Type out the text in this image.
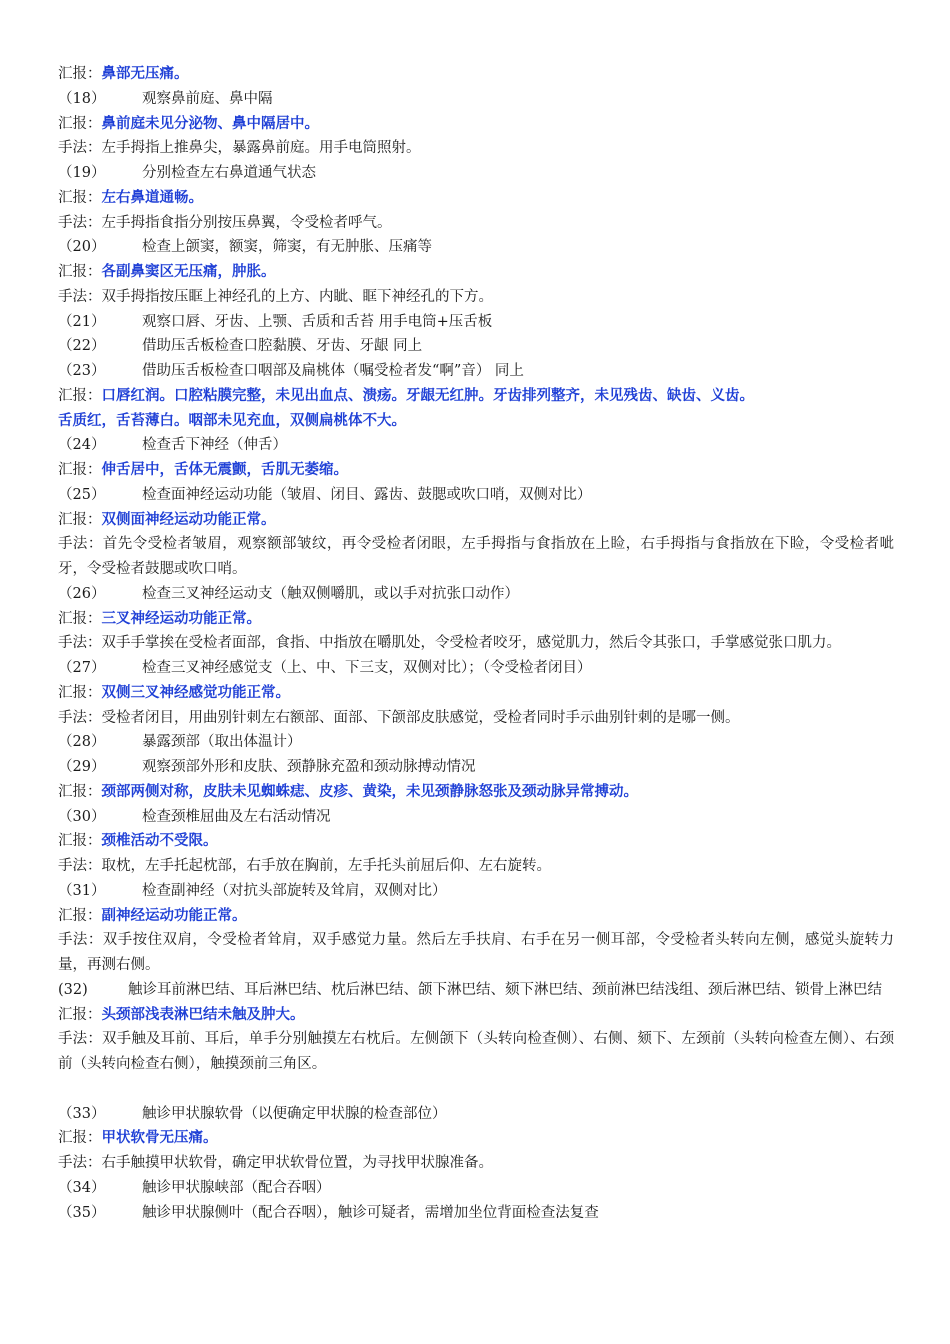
汇报：鼻部无压痛。
（18）	观察鼻前庭、鼻中隔
汇报：鼻前庭未见分泌物、鼻中隔居中。
手法：左手拇指上推鼻尖，暴露鼻前庭。用手电筒照射。
（19）	分别检查左右鼻道通气状态
汇报：左右鼻道通畅。
手法：左手拇指食指分别按压鼻翼，令受检者呼气。
（20）	检查上颌窦，额窦，筛窦，有无肿胀、压痛等
汇报：各副鼻窦区无压痛，肿胀。
手法：双手拇指按压眶上神经孔的上方、内眦、眶下神经孔的下方。
（21）	观察口唇、牙齿、上颚、舌质和舌苔 用手电筒+压舌板
（22）	借助压舌板检查口腔黏膜、牙齿、牙龈 同上
（23）	借助压舌板检查口咽部及扁桃体（嘱受检者发“啊”音） 同上
汇报：口唇红润。口腔粘膜完整，未见出血点、溃疡。牙龈无红肿。牙齿排列整齐，未见残齿、缺齿、义齿。
舌质红，舌苔薄白。咽部未见充血，双侧扁桃体不大。
（24）	检查舌下神经（伸舌）
汇报：伸舌居中，舌体无震颤，舌肌无萎缩。
（25）	检查面神经运动功能（皱眉、闭目、露齿、鼓腮或吹口哨，双侧对比）
汇报：双侧面神经运动功能正常。
手法：首先令受检者皱眉，观察额部皱纹，再令受检者闭眼，左手拇指与食指放在上睑，右手拇指与食指放在下睑，令受检者呲牙，令受检者鼓腮或吹口哨。
（26）	检查三叉神经运动支（触双侧嚼肌，或以手对抗张口动作）
汇报：三叉神经运动功能正常。
手法：双手手掌挨在受检者面部，食指、中指放在嚼肌处，令受检者咬牙，感觉肌力，然后令其张口，手掌感觉张口肌力。
（27）	检查三叉神经感觉支（上、中、下三支，双侧对比）；（令受检者闭目）
汇报：双侧三叉神经感觉功能正常。
手法：受检者闭目，用曲别针刺左右额部、面部、下颌部皮肤感觉，受检者同时手示曲别针刺的是哪一侧。
（28）	暴露颈部（取出体温计）
（29）	观察颈部外形和皮肤、颈静脉充盈和颈动脉搏动情况
汇报：颈部两侧对称，皮肤未见蜘蛛痣、皮疹、黄染，未见颈静脉怒张及颈动脉异常搏动。
（30）	检查颈椎屈曲及左右活动情况
汇报：颈椎活动不受限。
手法：取枕，左手托起枕部，右手放在胸前，左手托头前屈后仰、左右旋转。
（31）	检查副神经（对抗头部旋转及耸肩，双侧对比）
汇报：副神经运动功能正常。
手法：双手按住双肩，令受检者耸肩，双手感觉力量。然后左手扶肩、右手在另一侧耳部，令受检者头转向左侧，感觉头旋转力量，再测右侧。
(32)	触诊耳前淋巴结、耳后淋巴结、枕后淋巴结、颌下淋巴结、颏下淋巴结、颈前淋巴结浅组、颈后淋巴结、锁骨上淋巴结
汇报：头颈部浅表淋巴结未触及肿大。
手法：双手触及耳前、耳后，单手分别触摸左右枕后。左侧颌下（头转向检查侧）、右侧、颏下、左颈前（头转向检查左侧）、右颈前（头转向检查右侧），触摸颈前三角区。
（33）	触诊甲状腺软骨（以便确定甲状腺的检查部位）
汇报：甲状软骨无压痛。
手法：右手触摸甲状软骨，确定甲状软骨位置，为寻找甲状腺准备。
（34）	触诊甲状腺峡部（配合吞咽）
（35）	触诊甲状腺侧叶（配合吞咽），触诊可疑者，需增加坐位背面检查法复查
